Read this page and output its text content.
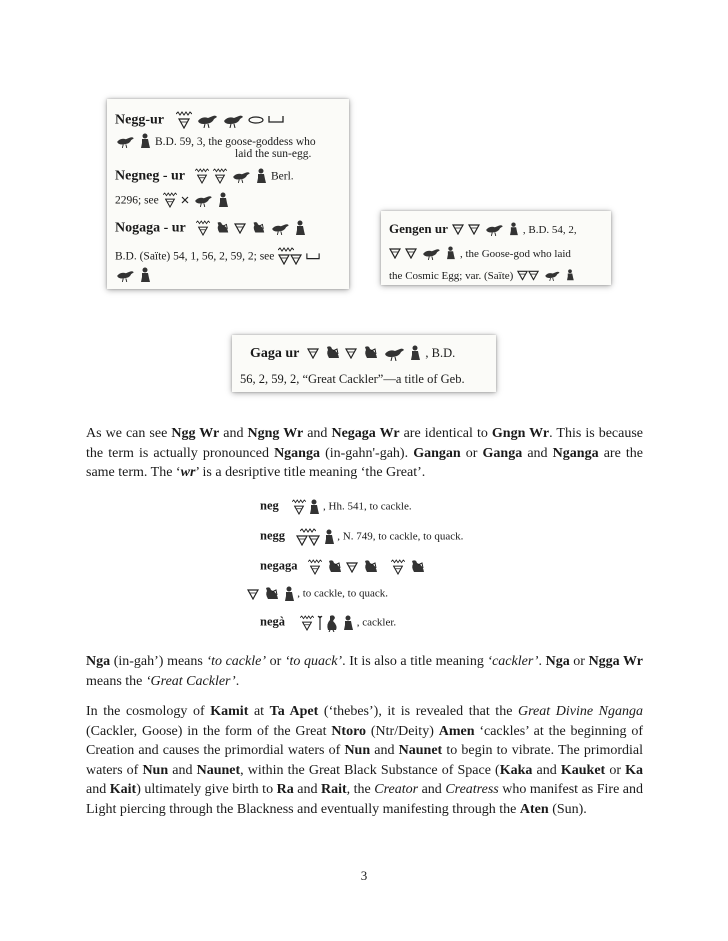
Negg-ur

B.D. 59, 3, the goose-goddess who
laid the sun-egg.
Negneg - ur

	Berl.
2296; see

Nogaga - ur

B.D. (Saïte) 54, 1, 56, 2, 59, 2; see

Gengen ur

	, B.D. 54, 2,

, the Goose-god who laid
the Cosmic Egg; var. (Saïte)

Gaga ur

	, B.D.
56, 2, 59, 2, “Great Cackler”—a title of Geb.

As we can see Ngg Wr and Ngng Wr and Negaga Wr are identical to Gngn Wr. This is because the term is actually pronounced Nganga (in-gahn'-gah). Gangan or Ganga and Nganga are the same term. The ‘wr’ is a desriptive title meaning ‘the Great’.

neg
	, Hh. 541, to cackle.
negg
	, N. 749, to cackle, to quack.
negaga

, to cackle, to quack.
negà

	, cackler.

Nga (in-gah’) means ‘to cackle’ or ‘to quack’. It is also a title meaning ‘cackler’. Nga or Ngga Wr means the ‘Great Cackler’.

In the cosmology of Kamit at Ta Apet (‘thebes’), it is revealed that the Great Divine Nganga (Cackler, Goose) in the form of the Great Ntoro (Ntr/Deity) Amen ‘cackles’ at the beginning of Creation and causes the primordial waters of Nun and Naunet to begin to vibrate. The primordial waters of Nun and Naunet, within the Great Black Substance of Space (Kaka and Kauket or Ka and Kait) ultimately give birth to Ra and Rait, the Creator and Creatress who manifest as Fire and Light piercing through the Blackness and eventually manifesting through the Aten (Sun).

3
